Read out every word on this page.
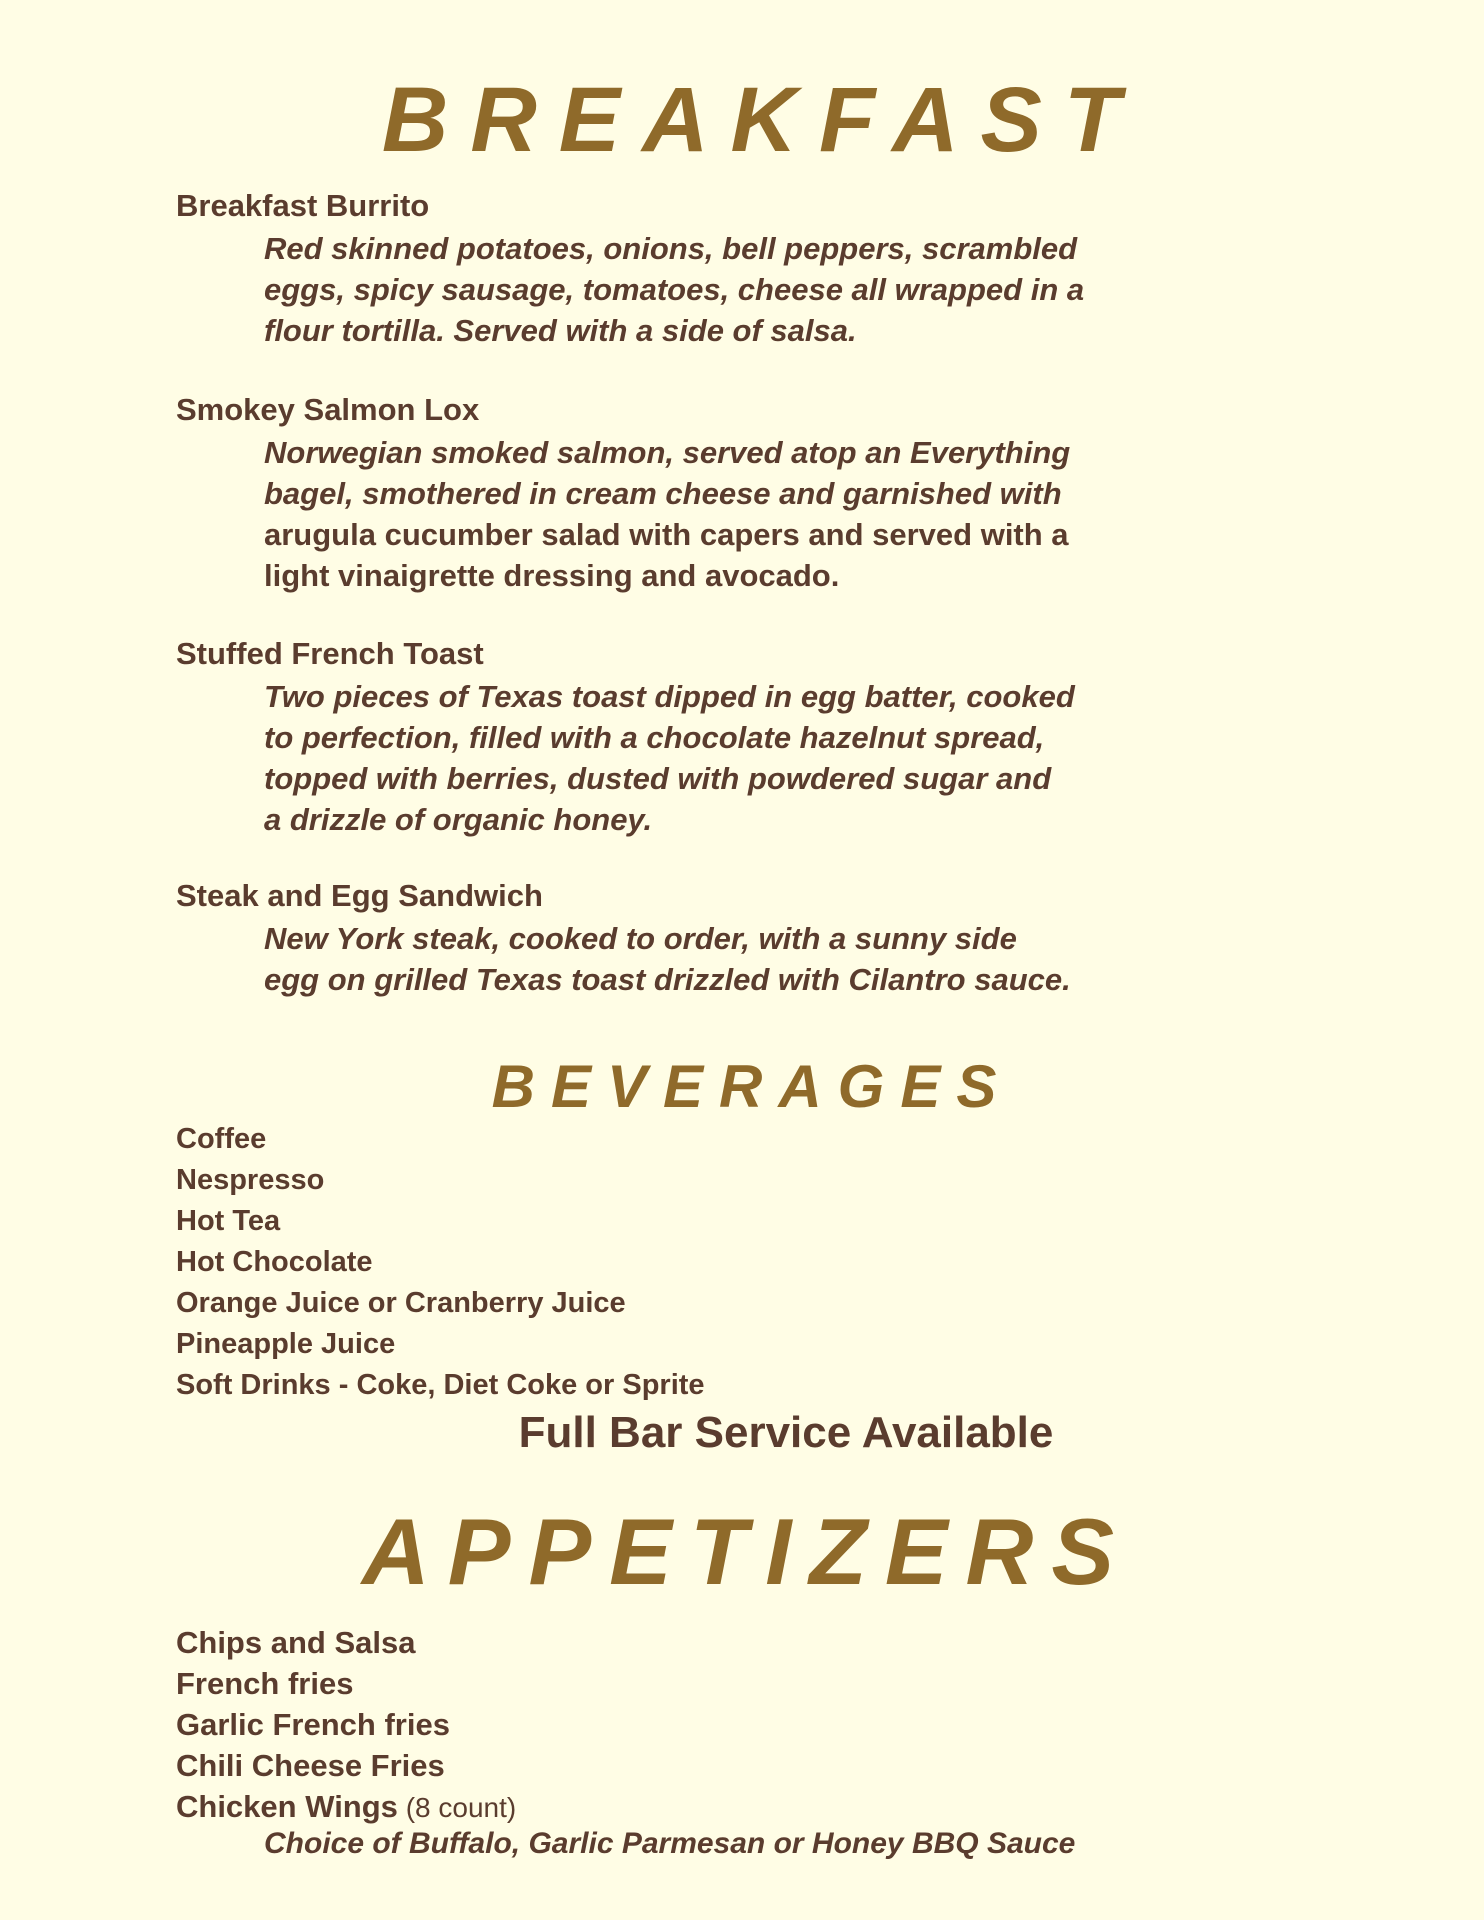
BREAKFAST
Breakfast Burrito
Red skinned potatoes, onions, bell peppers, scrambled
eggs, spicy sausage, tomatoes, cheese all wrapped in a
flour tortilla. Served with a side of salsa.
Smokey Salmon Lox
Norwegian smoked salmon, served atop an Everything
bagel, smothered in cream cheese and garnished with
arugula cucumber salad with capers and served with a
light vinaigrette dressing and avocado.
Stuffed French Toast
Two pieces of Texas toast dipped in egg batter, cooked
to perfection, filled with a chocolate hazelnut spread,
topped with berries, dusted with powdered sugar and
a drizzle of organic honey.
Steak and Egg Sandwich
New York steak, cooked to order, with a sunny side
egg on grilled Texas toast drizzled with Cilantro sauce.
BEVERAGES
Coffee
Nespresso
Hot Tea
Hot Chocolate
Orange Juice or Cranberry Juice
Pineapple Juice
Soft Drinks - Coke, Diet Coke or Sprite
Full Bar Service Available
APPETIZERS
Chips and Salsa
French fries
Garlic French fries
Chili Cheese Fries
Chicken Wings (8 count)
Choice of Buffalo, Garlic Parmesan or Honey BBQ Sauce
